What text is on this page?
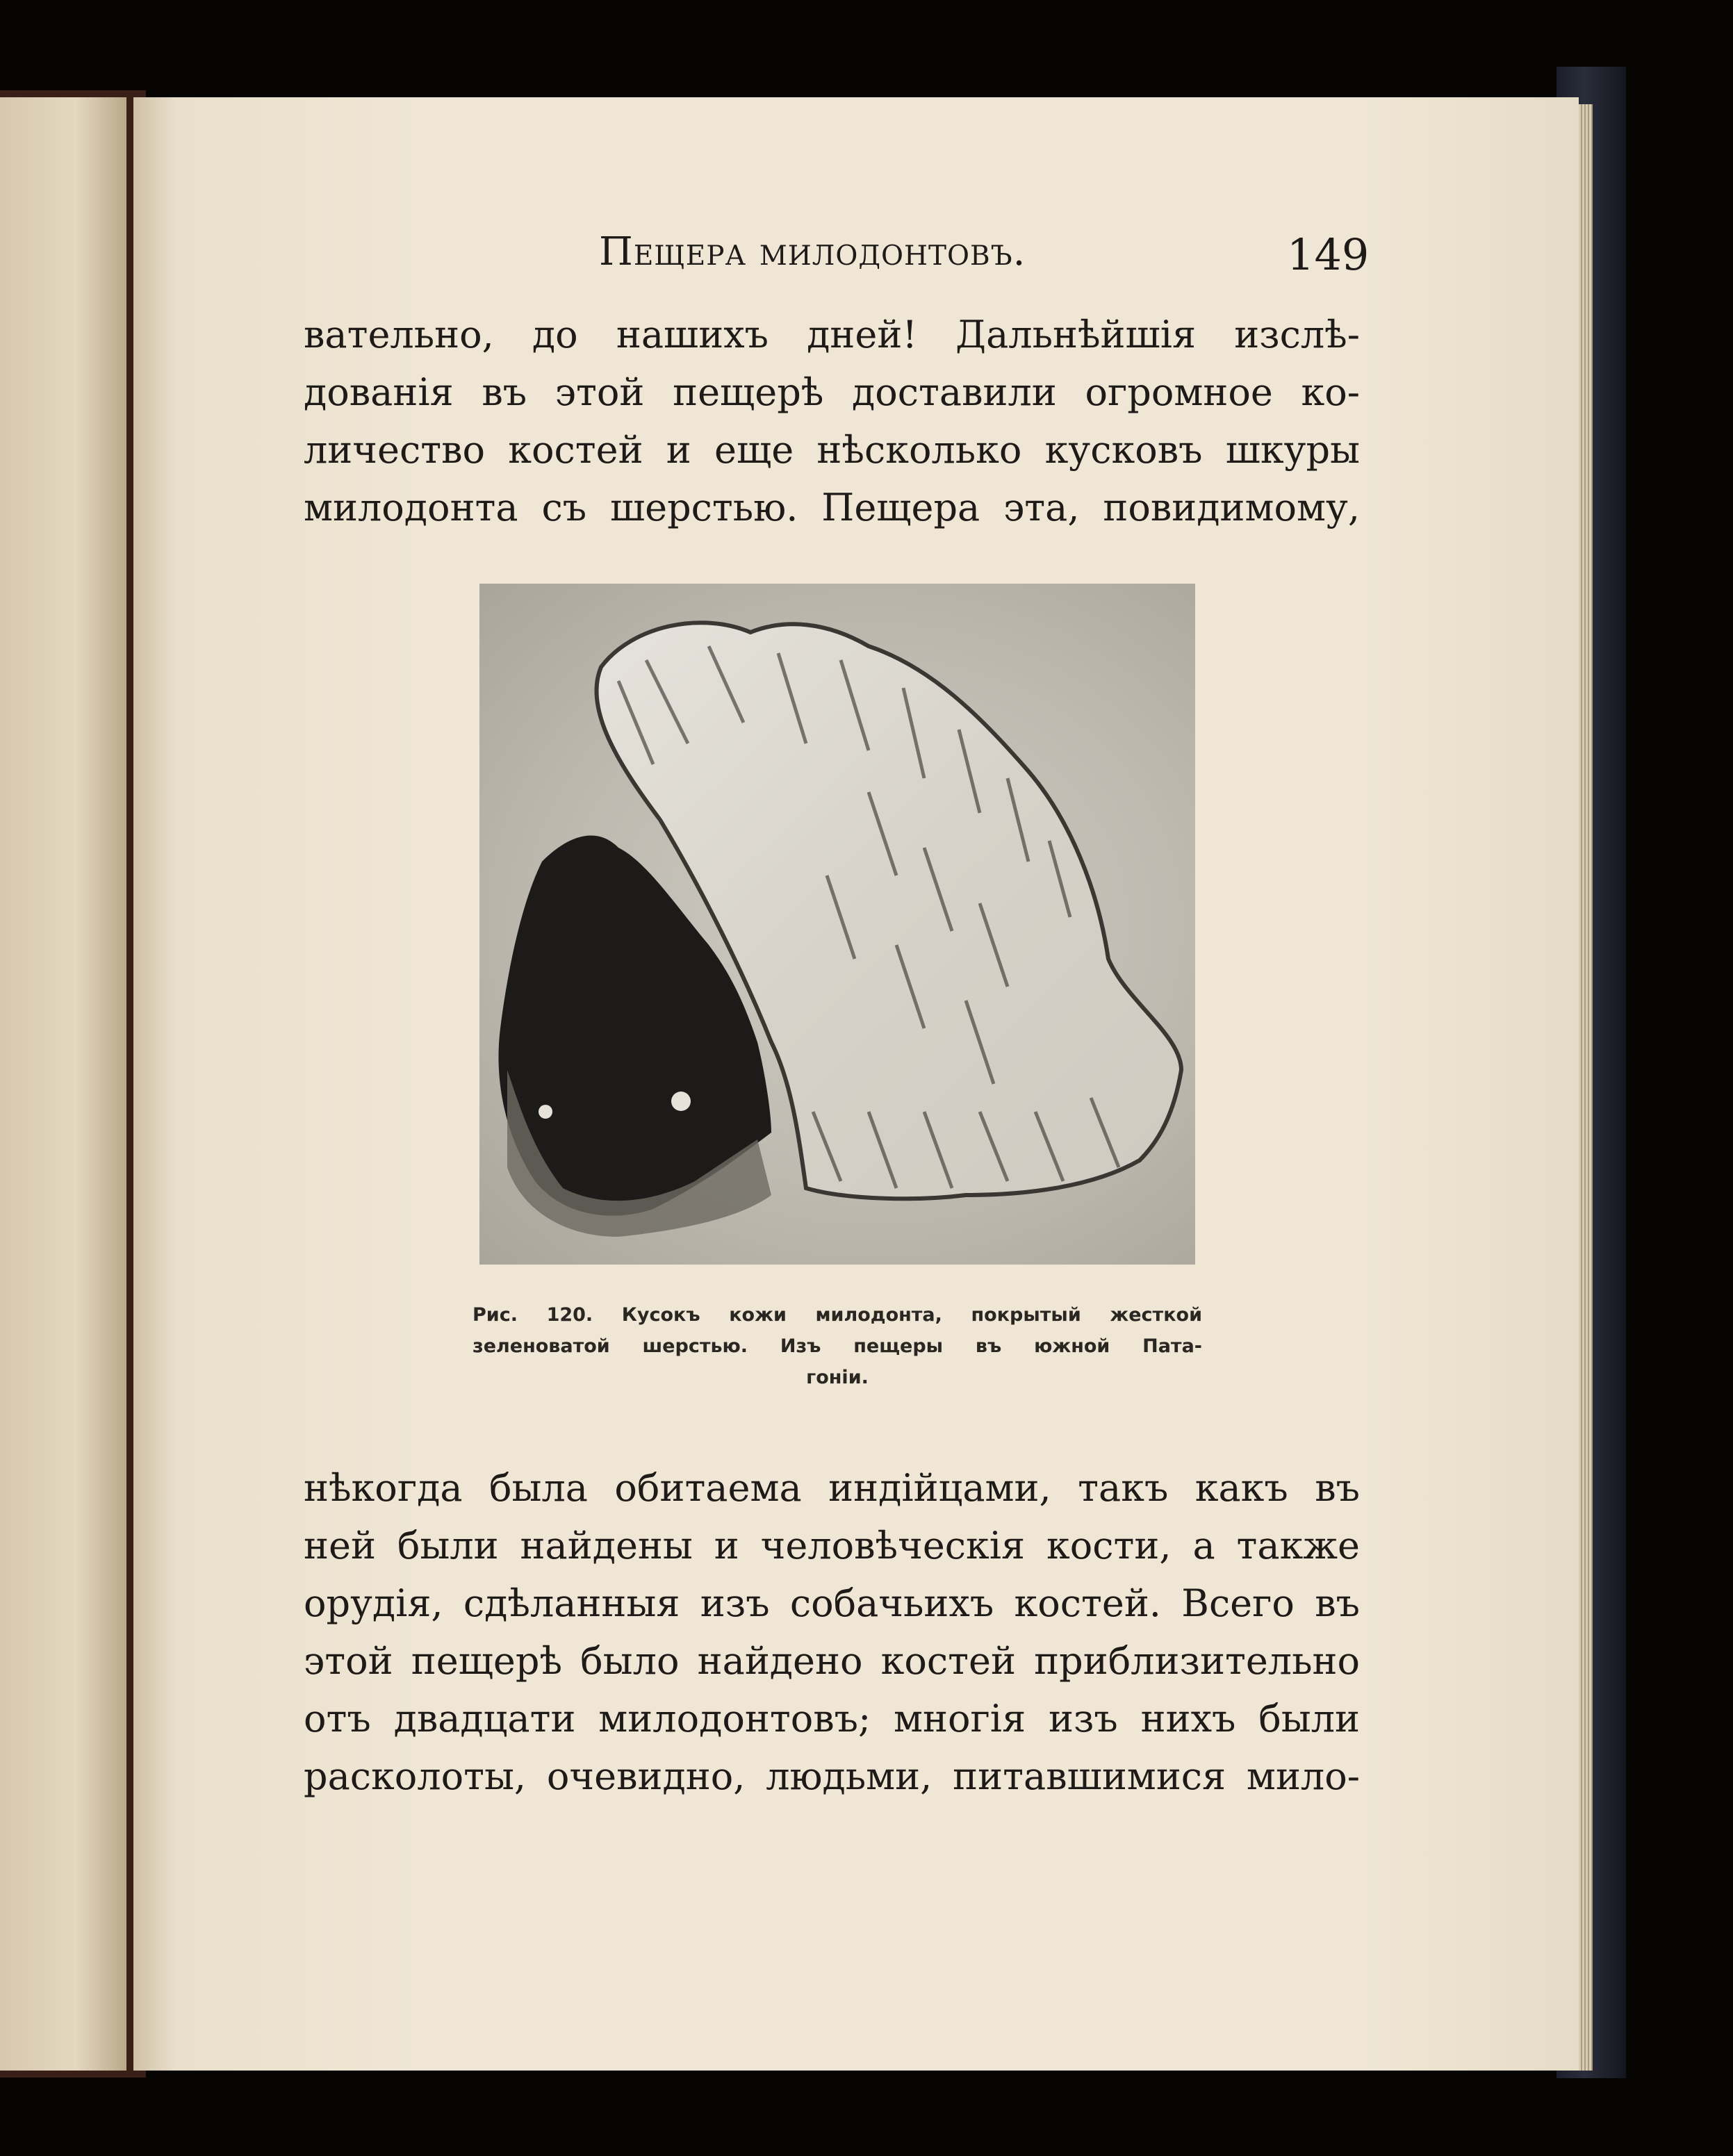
Пещера милодонтовъ.	149
вательно, до нашихъ дней! Дальнѣйшія изслѣ-
дованія въ этой пещерѣ доставили огромное ко-
личество костей и еще нѣсколько кусковъ шкуры
милодонта съ шерстью. Пещера эта, повидимому,
Рис. 120. Кусокъ кожи милодонта, покрытый жесткой
зеленоватой шерстью. Изъ пещеры въ южной Пата-
гоніи.
нѣкогда была обитаема индійцами, такъ какъ въ
ней были найдены и человѣческія кости, а также
орудія, сдѣланныя изъ собачьихъ костей. Всего въ
этой пещерѣ было найдено костей приблизительно
отъ двадцати милодонтовъ; многія изъ нихъ были
расколоты, очевидно, людьми, питавшимися мило-
